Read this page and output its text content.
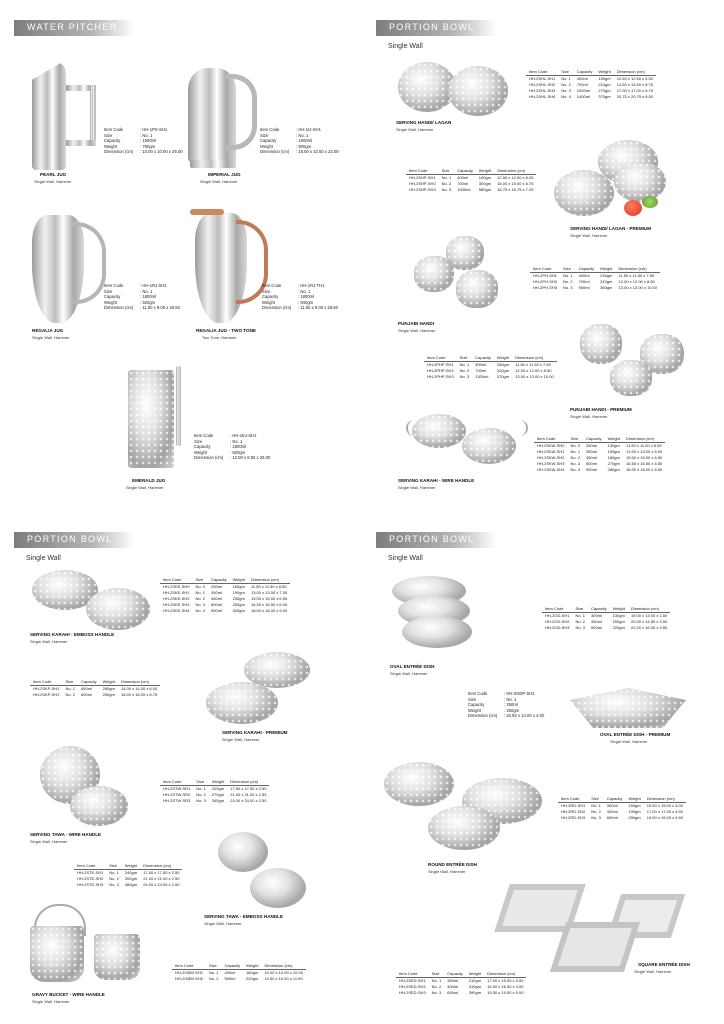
WATER PITCHER
PEARL JUG
Single Wall, Hammer
Item Code	: HH-1PS-SH1
Size	: No. 1
Capacity	: 1500ml
Weight	: 750gm
Dimension (cm)	: 10.00 x 10.00 x 26.00
IMPERIAL JUG
Single Wall, Hammer
Item Code	: HH-1IJ-SH1
Size	: No. 1
Capacity	: 1600ml
Weight	: 900gm
Dimension (cm)	: 15.50 x 10.50 x 22.00
REGALIA JUG
Single Wall, Hammer
Item Code	: HH-1RJ-SH1
Size	: No. 1
Capacity	: 1800ml
Weight	: 920gm
Dimension (cm)	: 11.50 x 9.00 x 26.50
REGALIA JUG - TWO TONE
Two Tone, Hammer
Item Code	: HH-1RJ-TH1
Size	: No. 1
Capacity	: 1800ml
Weight	: 940gm
Dimension (cm)	: 11.50 x 9.00 x 26.50
EMERALD JUG
Single Wall, Hammer
Item Code	: HH-1EJ-SH1
Size	: No. 1
Capacity	: 1800ml
Weight	: 820gm
Dimension (cm)	: 12.00 x 8.50 x 25.00
PORTION BOWL
Single Wall
SERVING HANDI/ LAGAN
Single Wall, Hammer
Item Code	Size	Capacity	Weight	Dimension (cm)
HH-2SHL-SH1	No. 1	400ml	150gm	12.50 x 12.50 x 5.50
HH-2SHL-SH2	No. 2	700ml	210gm	14.50 x 14.50 x 6.75
HH-2SHL-SH3	No. 3	1000ml	270gm	17.00 x 17.00 x 6.75
HH-2SHL-SH4	No. 4	1400ml	370gm	20.75 x 20.75 x 8.50
Item Code	Size	Capacity	Weight	Dimension (cm)
HH-2SHP-SH1	No. 1	400ml	190gm	12.50 x 12.50 x 6.25
HH-2SHP-SH2	No. 2	700ml	300gm	15.00 x 15.00 x 6.75
HH-2SHP-SH3	No. 3	1000ml	580gm	16.75 x 16.75 x 7.25
SERVING HANDI/ LAGAN - PREMIUM
Single Wall, Hammer
PUNJABI HANDI
Single Wall, Hammer
Item Code	Size	Capacity	Weight	Dimension (cm)
HH-2PH-SH1	No. 1	400ml	230gm	11.50 x 11.50 x 7.50
HH-2PH-SH2	No. 2	700ml	310gm	12.00 x 12.00 x 8.50
HH-2PH-SH3	No. 3	900ml	360gm	13.00 x 13.00 x 10.00
Item Code	Size	Capacity	Weight	Dimension (cm)
HH-2PHP-SH1	No. 1	500ml	250gm	11.50 x 11.50 x 7.50
HH-2PHP-SH2	No. 2	700ml	310gm	12.00 x 12.00 x 8.50
HH-2PHP-SH3	No. 3	1300ml	370gm	13.00 x 13.00 x 10.00
PUNJABI HANDI - PREMIUM
Single Wall, Hammer
SERVING KARAHI - WIRE HANDLE
Single Wall, Hammer
Item Code	Size	Capacity	Weight	Dimension (cm)
HH-2SKW-SH0	No. 0	250ml	130gm	11.50 x 11.50 x 6.50
HH-2SKW-SH1	No. 1	350ml	150gm	13.00 x 13.00 x 6.00
HH-2SKW-SH2	No. 2	450ml	180gm	15.00 x 15.00 x 6.50
HH-2SKW-SH3	No. 3	600ml	270gm	16.50 x 16.50 x 6.50
HH-2SKW-SH4	No. 4	900ml	280gm	18.00 x 18.00 x 8.50
PORTION BOWL
Single Wall
SERVING KARAHI - EMBOSS HANDLE
Single Wall, Hammer
Item Code	Size	Capacity	Weight	Dimension (cm)
HH-2SKE-SH0	No. 0	250ml	160gm	11.50 x 11.50 x 6.50
HH-2SKE-SH1	No. 1	350ml	190gm	13.00 x 13.00 x 7.00
HH-2SKE-SH2	No. 2	450ml	230gm	15.00 x 15.00 x 6.50
HH-2SKE-SH3	No. 3	600ml	250gm	16.50 x 16.50 x 6.00
HH-2SKE-SH4	No. 4	900ml	320gm	18.00 x 18.00 x 9.00
Item Code	Size	Capacity	Weight	Dimension (cm)
HH-2SKP-SH1	No. 1	450ml	280gm	14.00 x 14.00 x 6.00
HH-2SKP-SH2	No. 2	600ml	250gm	16.00 x 16.00 x 8.75
SERVING KARAHI - PREMIUM
Single Wall, Hammer
SERVING TAWA - WIRE HANDLE
Single Wall, Hammer
Item Code	Size	Weight	Dimension (cm)
HH-2STW-SR1	No. 1	220gm	17.50 x 17.50 x 2.50
HH-2STW-SR2	No. 2	270gm	21.00 x 21.00 x 2.50
HH-2STW-SR3	No. 3	340gm	24.00 x 24.00 x 2.50
Item Code	Size	Weight	Dimension (cm)
HH-2STE-SH1	No. 1	240gm	17.50 x 17.50 x 2.50
HH-2STE-SH2	No. 2	300gm	21.00 x 21.00 x 2.50
HH-2STE-SH3	No. 3	380gm	24.00 x 24.00 x 2.50
SERVING TAWA - EMBOSS HANDLE
Single Wall, Hammer
GRAVY BUCKET - WIRE HANDLE
Single Wall, Hammer
Item Code	Size	Capacity	Weight	Dimension (cm)
HH-2GBW-SH1	No. 1	400ml	180gm	10.00 x 10.00 x 10.00
HH-2GBW-SH2	No. 2	500ml	220gm	10.50 x 10.50 x 11.50
PORTION BOWL
Single Wall
OVAL ENTRÉE DISH
Single Wall, Hammer
Item Code	Size	Capacity	Weight	Dimension (cm)
HH-2OD-SH1	No. 1	300ml	130gm	19.00 x 13.00 x 3.50
HH-2OD-SH2	No. 2	450ml	200gm	20.00 x 14.50 x 3.50
HH-2OD-SH3	No. 3	500ml	220gm	22.00 x 16.00 x 3.50
Item Code	: HH-2ODP-SH1
Size	: No. 1
Capacity	: 250ml
Weight	: 260gm
Dimension (cm)	: 22.50 x 14.00 x 4.00
OVAL ENTRÉE DISH - PREMIUM
Single Wall, Hammer
ROUND ENTRÉE DISH
Single Wall, Hammer
Item Code	Size	Capacity	Weight	Dimension (cm)
HH-2RD-SH1	No. 1	300ml	150gm	15.00 x 15.00 x 4.00
HH-2RD-SH2	No. 2	400ml	190gm	17.00 x 17.00 x 4.50
HH-2RD-SH3	No. 3	600ml	250gm	19.00 x 19.00 x 4.50
SQUARE ENTRÉE DISH
Single Wall, Hammer
Item Code	Size	Capacity	Weight	Dimension (cm)
HH-2SED-SH1	No. 1	300ml	210gm	17.00 x 15.00 x 3.50
HH-2SED-SH2	No. 2	400ml	310gm	16.50 x 16.50 x 4.50
HH-2SED-SH3	No. 3	650ml	390gm	19.50 x 19.50 x 5.00
